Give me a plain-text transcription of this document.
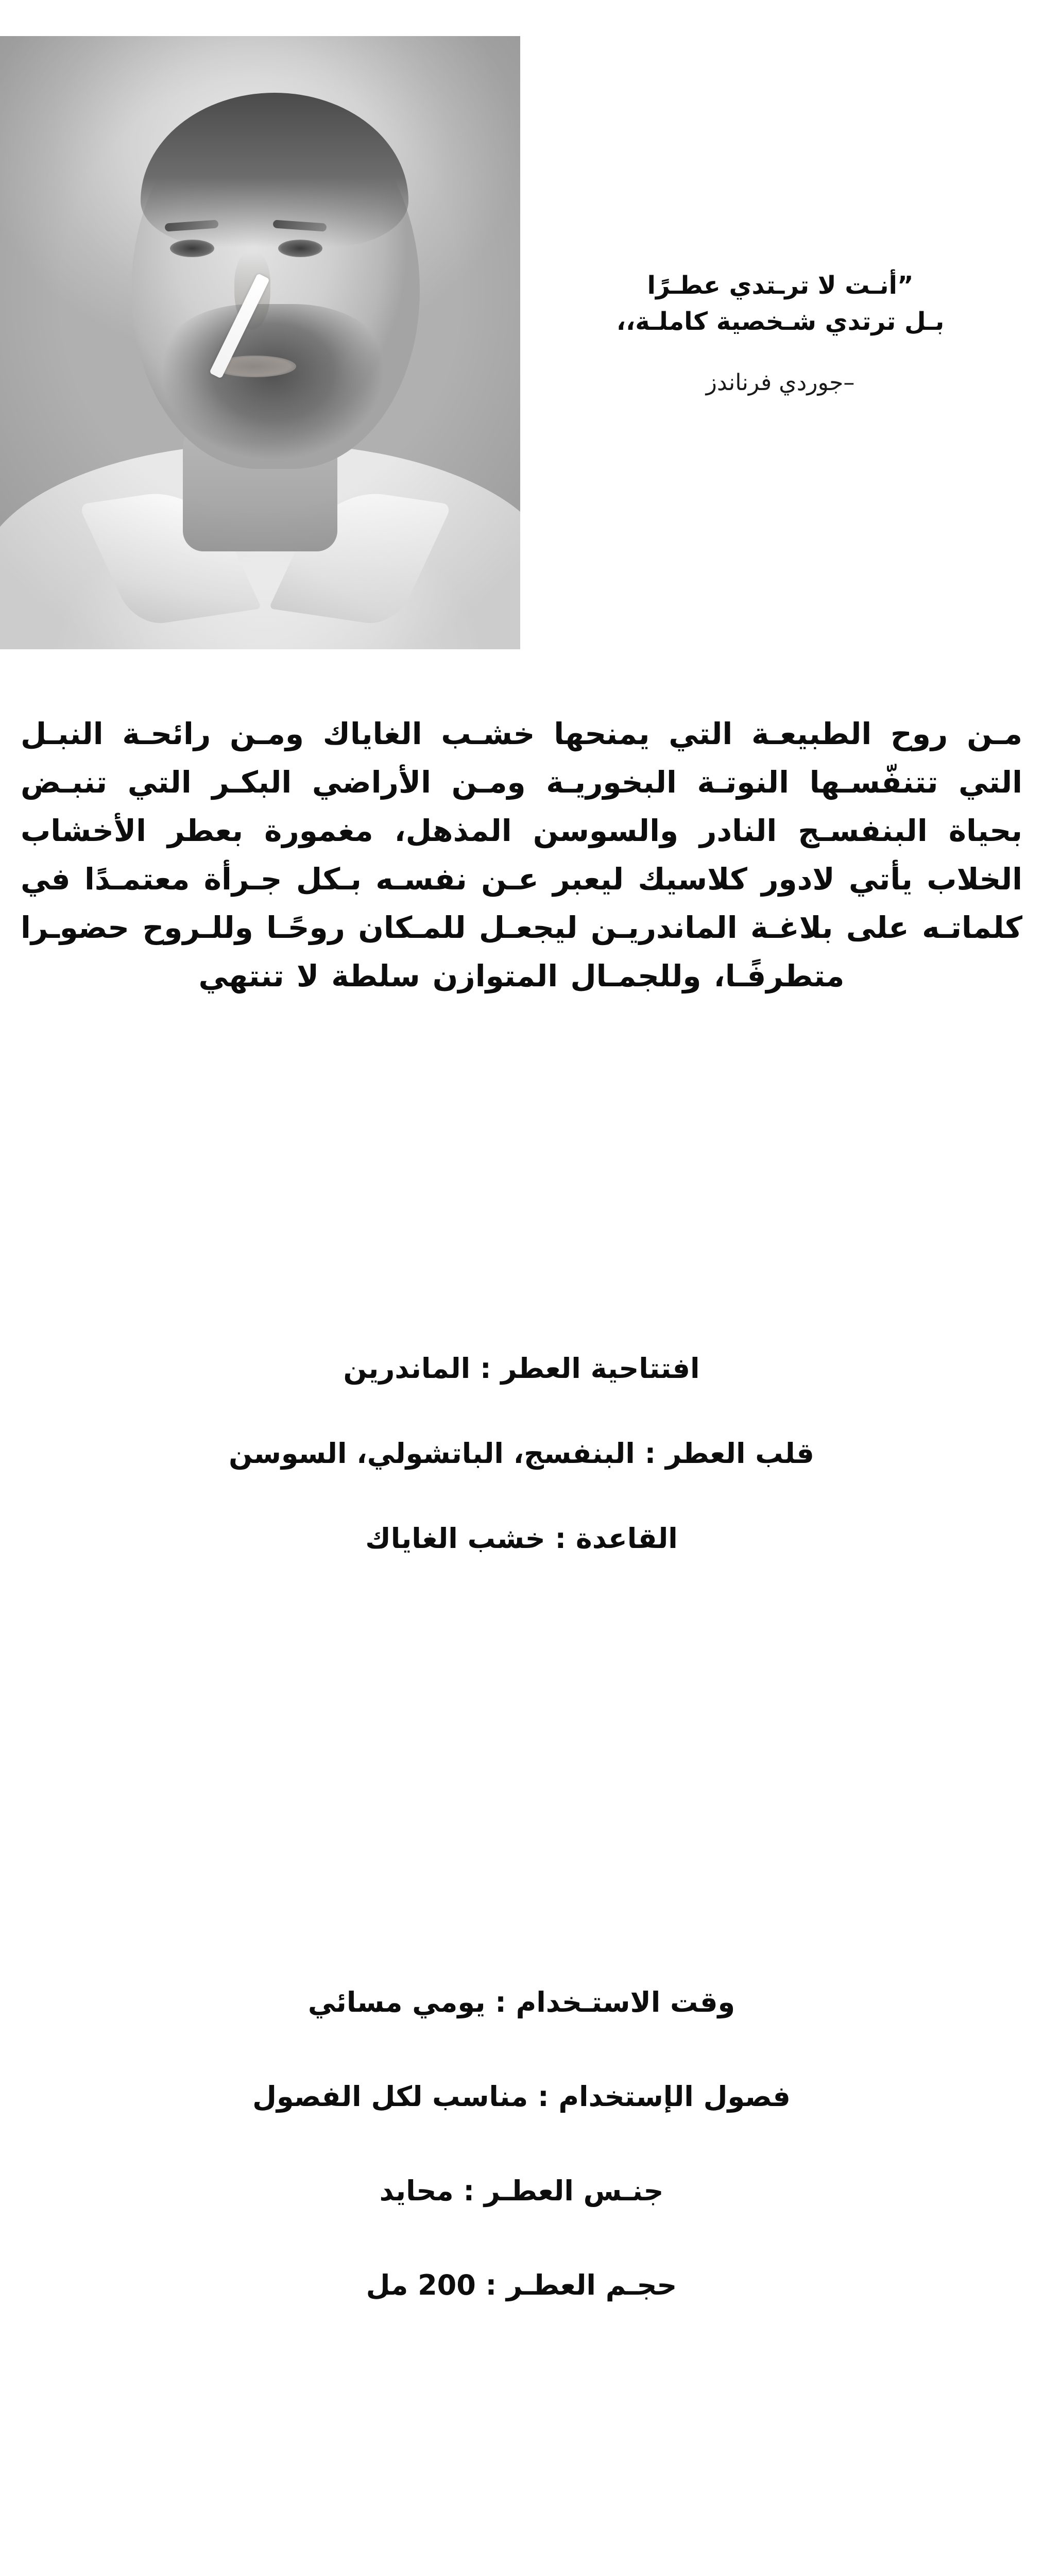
”أنـت لا ترـتدي عطـرًا
بـل ترتدي شـخصية كاملـة،،
–جوردي فرناندز

مـن روح الطبيعـة التي يمنحها خشـب الغاياك ومـن رائحـة النبـل التي تتنفّسـها النوتـة البخوريـة ومـن الأراضي البكـر التي تنبـض بحياة البنفسـج النادر والسوسن المذهل، مغمورة بعطر الأخشاب الخلاب يأتي لادور كلاسيك ليعبر عـن نفسـه بـكل جـرأة معتمـدًا في كلماتـه على بلاغـة الماندريـن ليجعـل للمـكان روحًـا وللـروح حضوـرا متطرفًـا، وللجمـال المتوازن سلطة لا تنتهي

افتتاحية العطر : الماندرين
قلب العطر : البنفسج، الباتشولي، السوسن
القاعدة : خشب الغاياك
وقت الاستـخدام : يومي مسائي
فصول الإستخدام : مناسب لكل الفصول
جنـس العطـر : محايد
حجـم العطـر : 200 مل
